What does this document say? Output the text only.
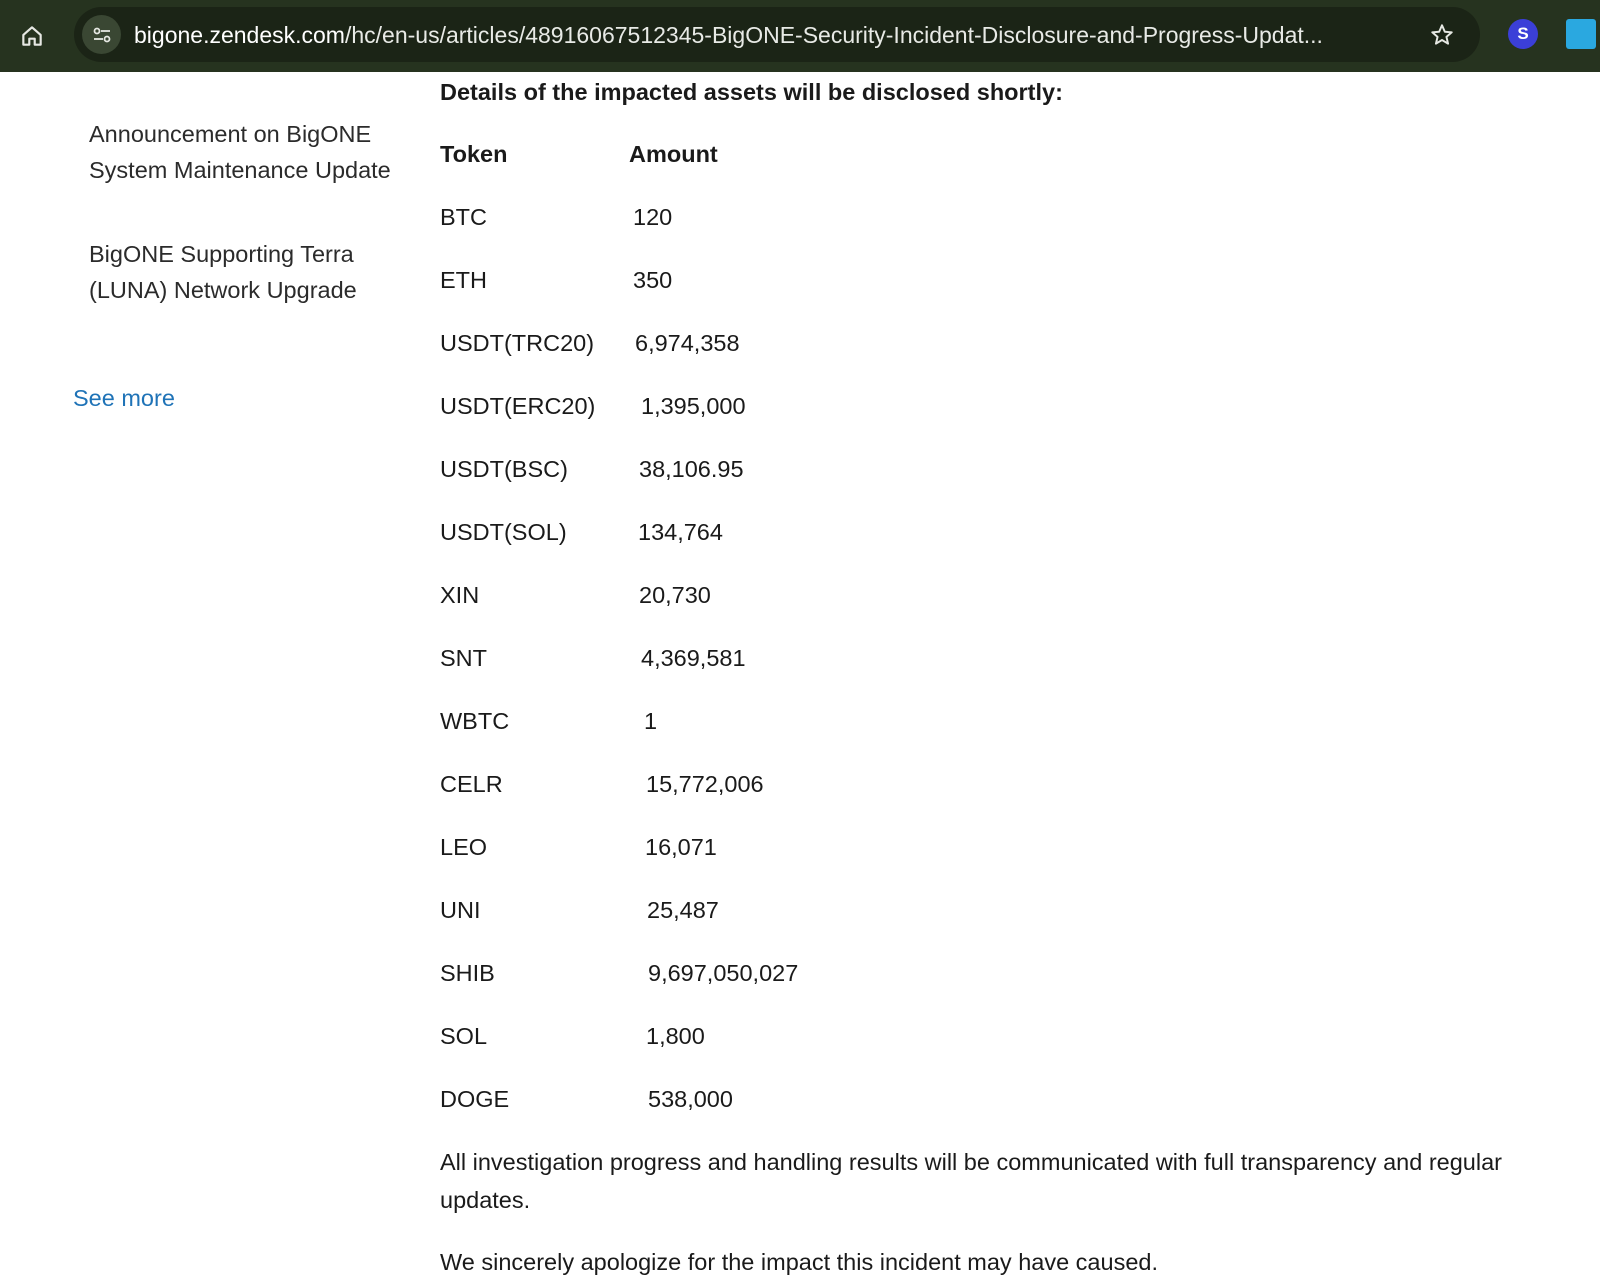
bigone.zendesk.com/hc/en-us/articles/48916067512345-BigONE-Security-Incident-Disclosure-and-Progress-Updat...	S
Announcement on BigONE System Maintenance Update
BigONE Supporting Terra (LUNA) Network Upgrade
See more
Details of the impacted assets will be disclosed shortly:
Token	Amount
BTC	120
ETH	350
USDT(TRC20) 6,974,358
USDT(ERC20) 1,395,000
USDT(BSC)	38,106.95
USDT(SOL)	134,764
XIN	20,730
SNT	4,369,581
WBTC	1
CELR	15,772,006
LEO	16,071
UNI	25,487
SHIB	9,697,050,027
SOL	1,800
DOGE	538,000
All investigation progress and handling results will be communicated with full transparency and regular updates.
We sincerely apologize for the impact this incident may have caused.
